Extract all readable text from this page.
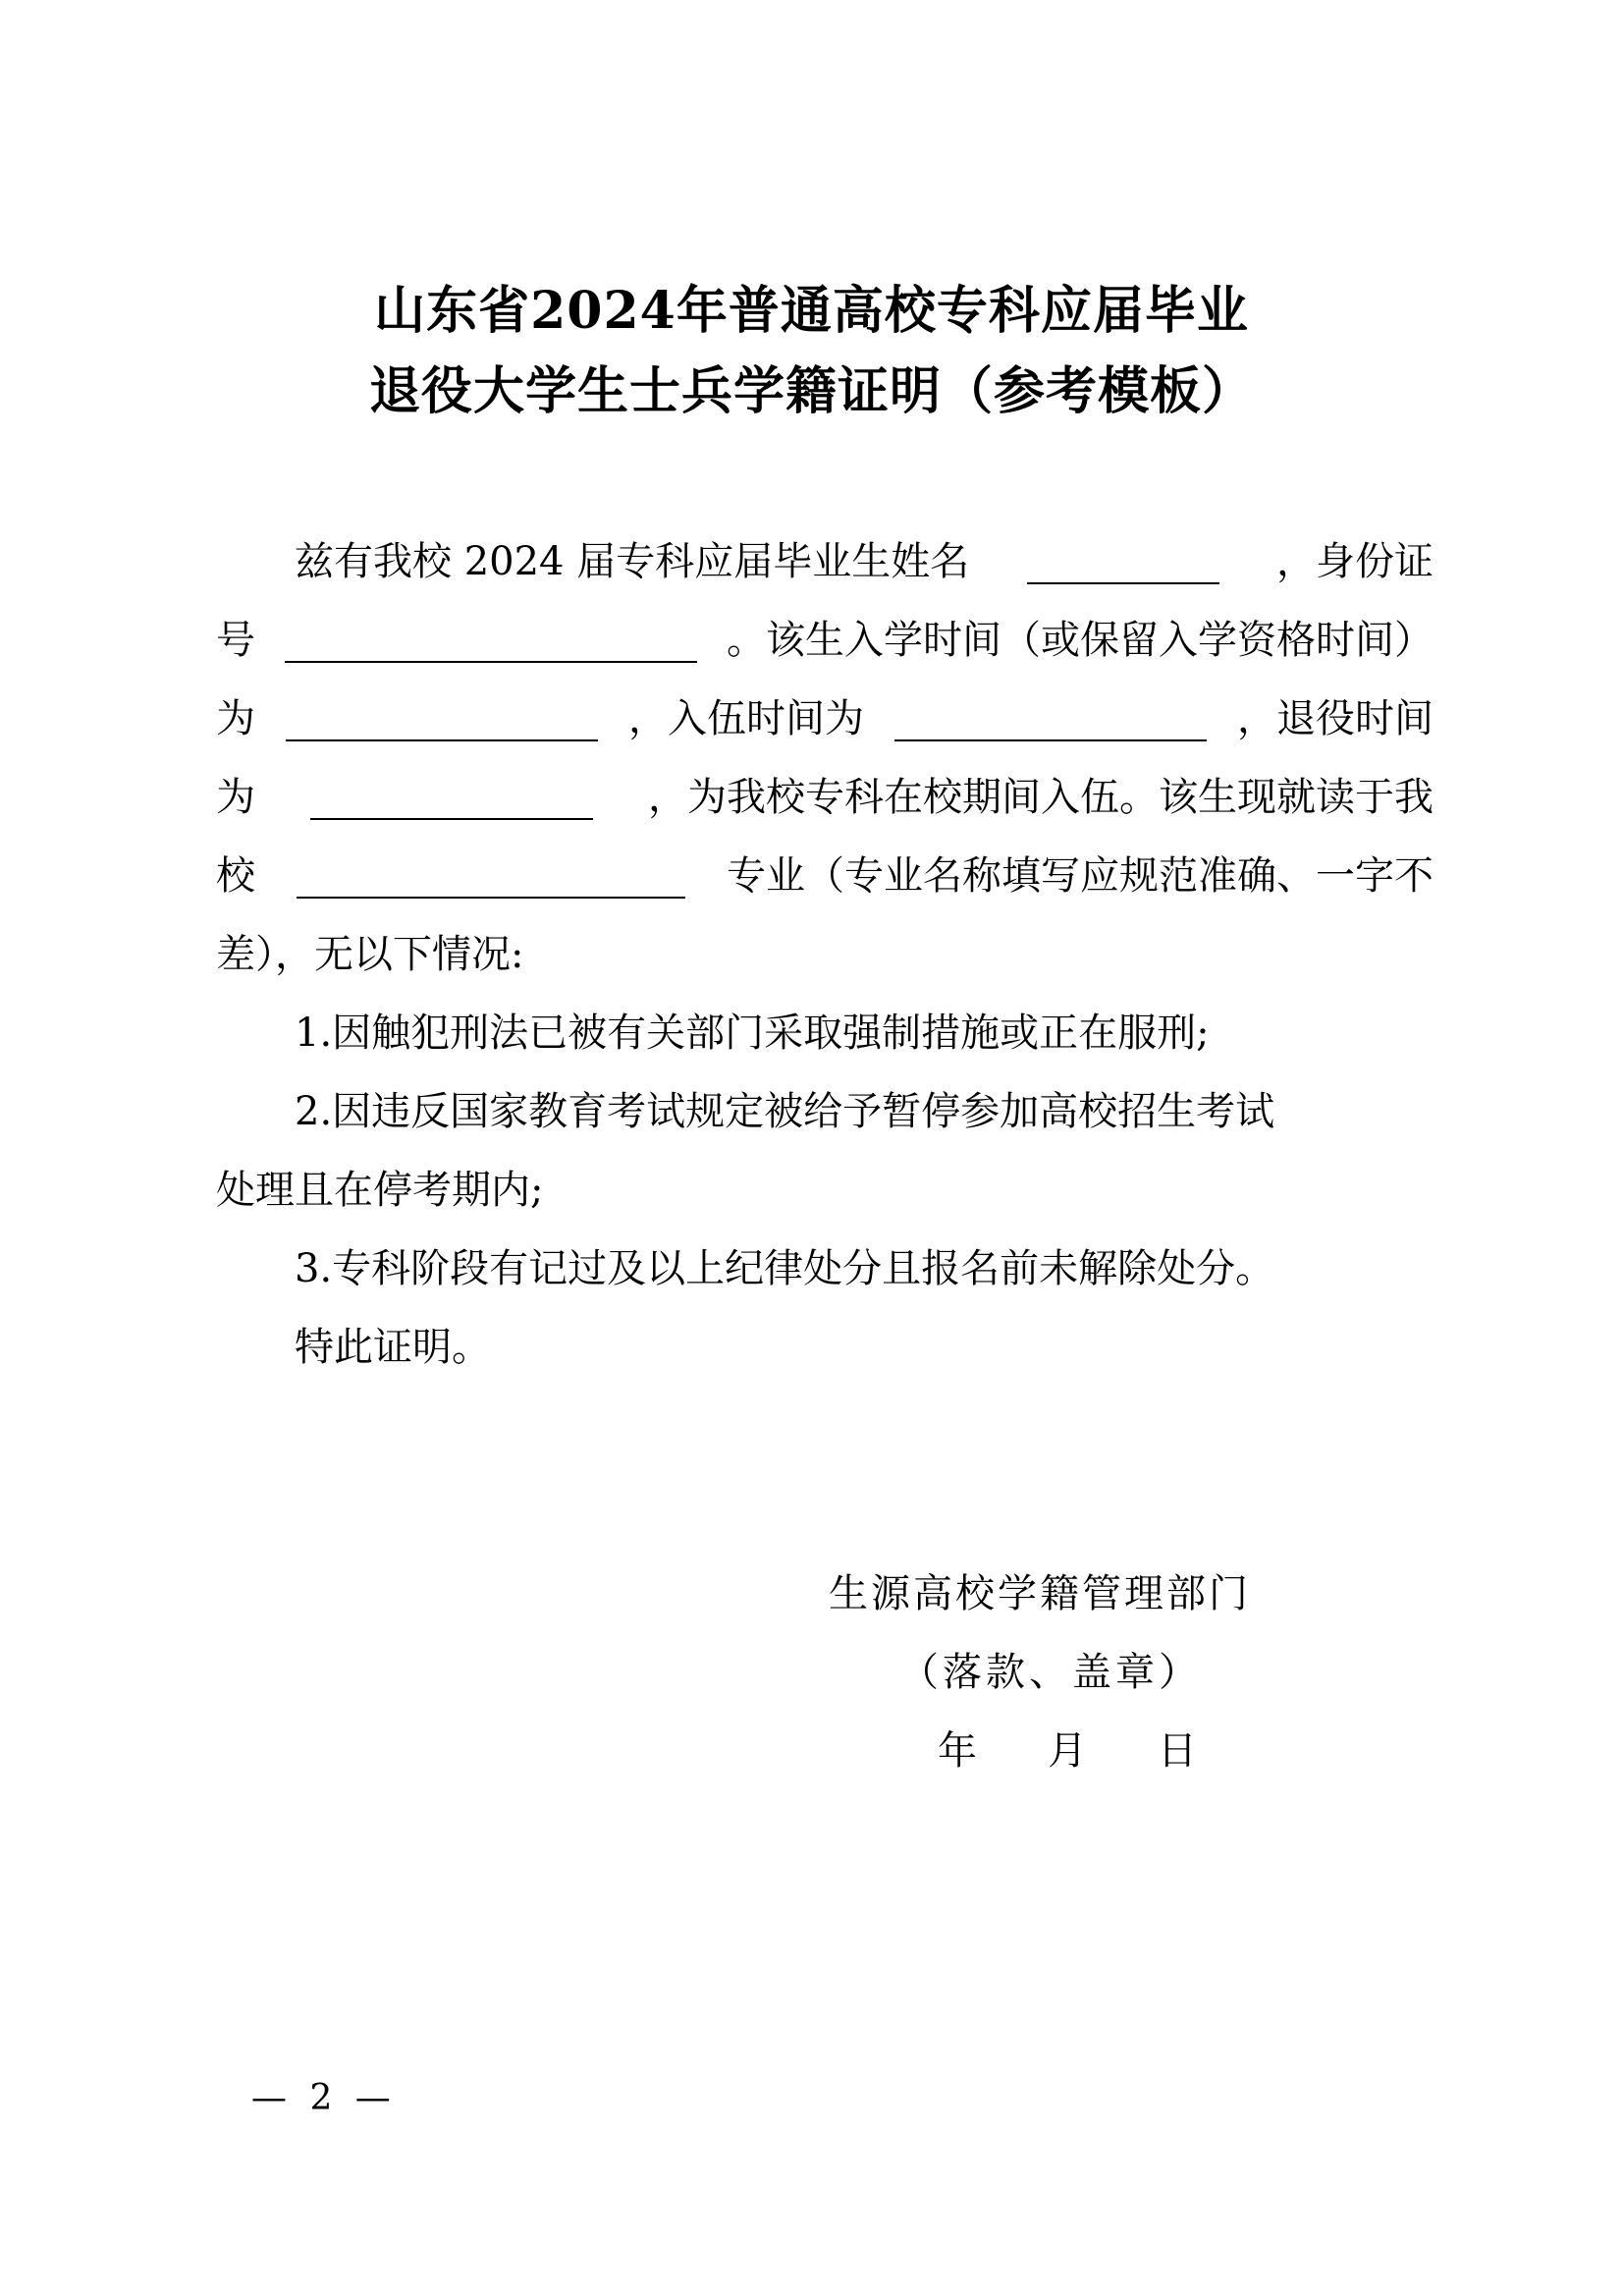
山东省2024年普通高校专科应届毕业
退役大学生士兵学籍证明（参考模板）
兹有我校 2024 届专科应届毕业生姓名	，身份证
号	。该生入学时间（或保留入学资格时间）
为	，入伍时间为	，退役时间
为	，为我校专科在校期间入伍。该生现就读于我
校	专业（专业名称填写应规范准确、一字不
差），无以下情况:
1.因触犯刑法已被有关部门采取强制措施或正在服刑;
2.因违反国家教育考试规定被给予暂停参加高校招生考试
处理且在停考期内;
3.专科阶段有记过及以上纪律处分且报名前未解除处分。
特此证明。
生源高校学籍管理部门
（落款、盖章）
年 月 日
— 2 —
